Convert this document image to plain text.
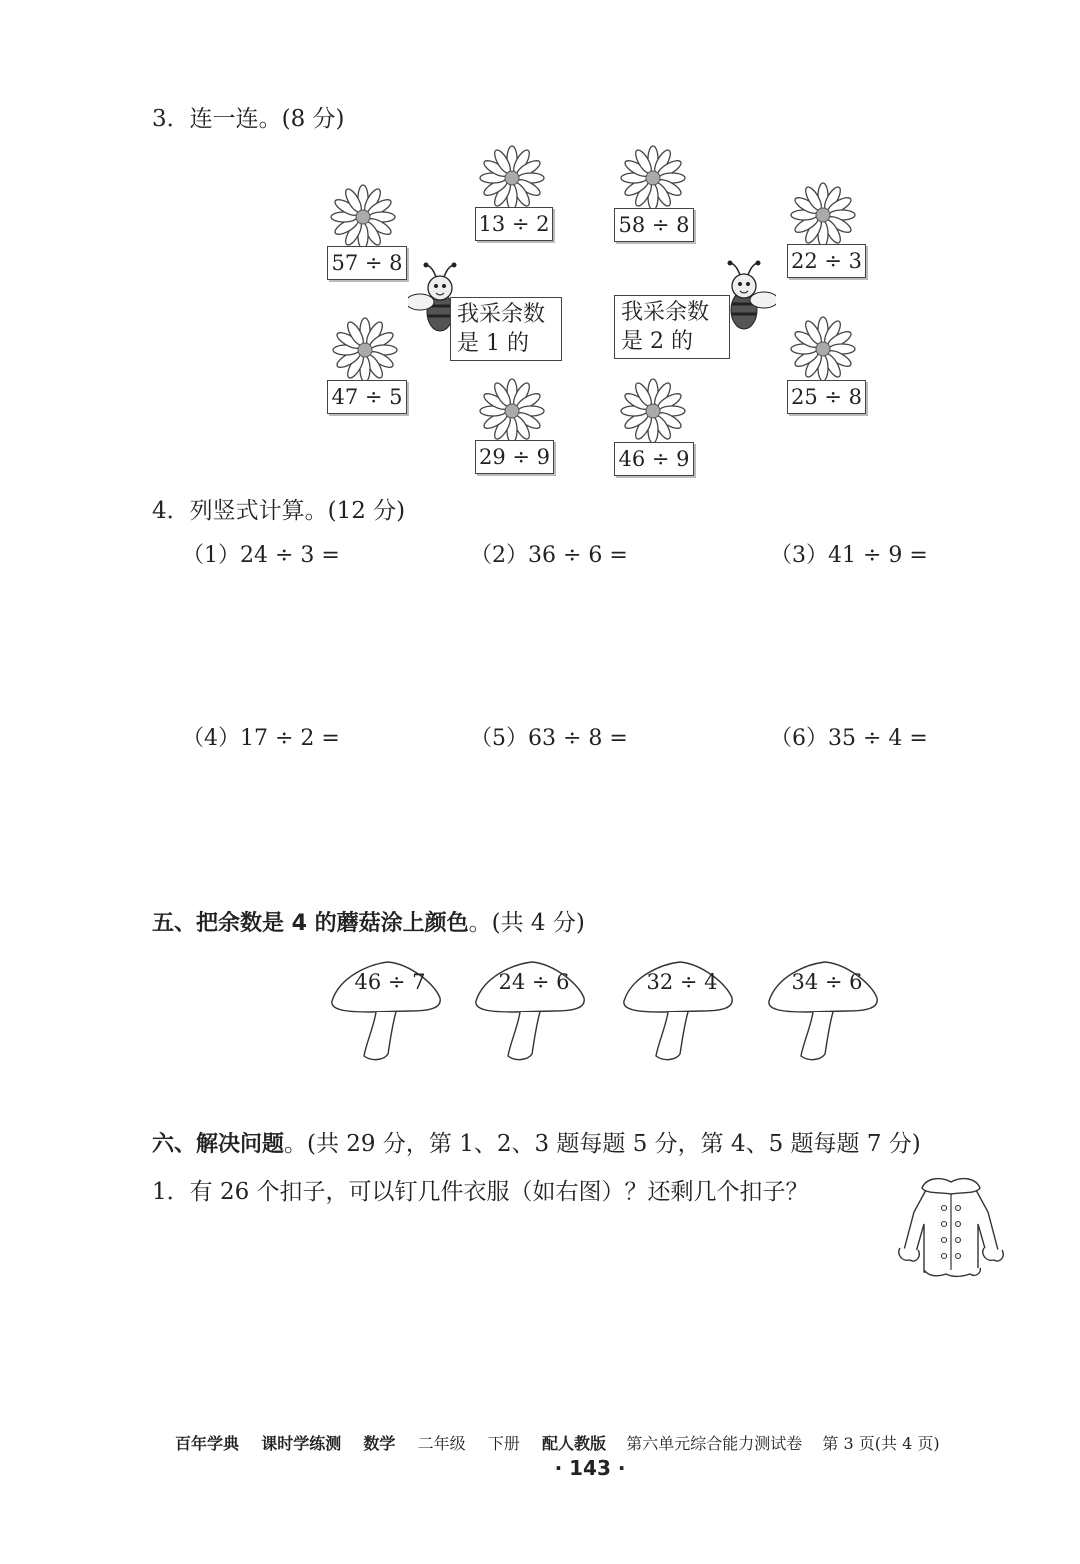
3．连一连。(8 分)
57 ÷ 8
13 ÷ 2	58 ÷ 8
22 ÷ 3
47 ÷ 5
29 ÷ 9	46 ÷ 9
25 ÷ 8
我采余数
是 1 的
我采余数
是 2 的
4．列竖式计算。(12 分)
（1）24 ÷ 3 =	（2）36 ÷ 6 =	（3）41 ÷ 9 =
（4）17 ÷ 2 =	（5）63 ÷ 8 =	（6）35 ÷ 4 =
五、把余数是 4 的蘑菇涂上颜色。(共 4 分)
46 ÷ 7	24 ÷ 6	32 ÷ 4	34 ÷ 6
六、解决问题。(共 29 分，第 1、2、3 题每题 5 分，第 4、5 题每题 7 分)
1．有 26 个扣子，可以钉几件衣服（如右图）？还剩几个扣子？
百年学典 课时学练测 数学 二年级 下册 配人教版 第六单元综合能力测试卷 第 3 页(共 4 页)
· 143 ·
